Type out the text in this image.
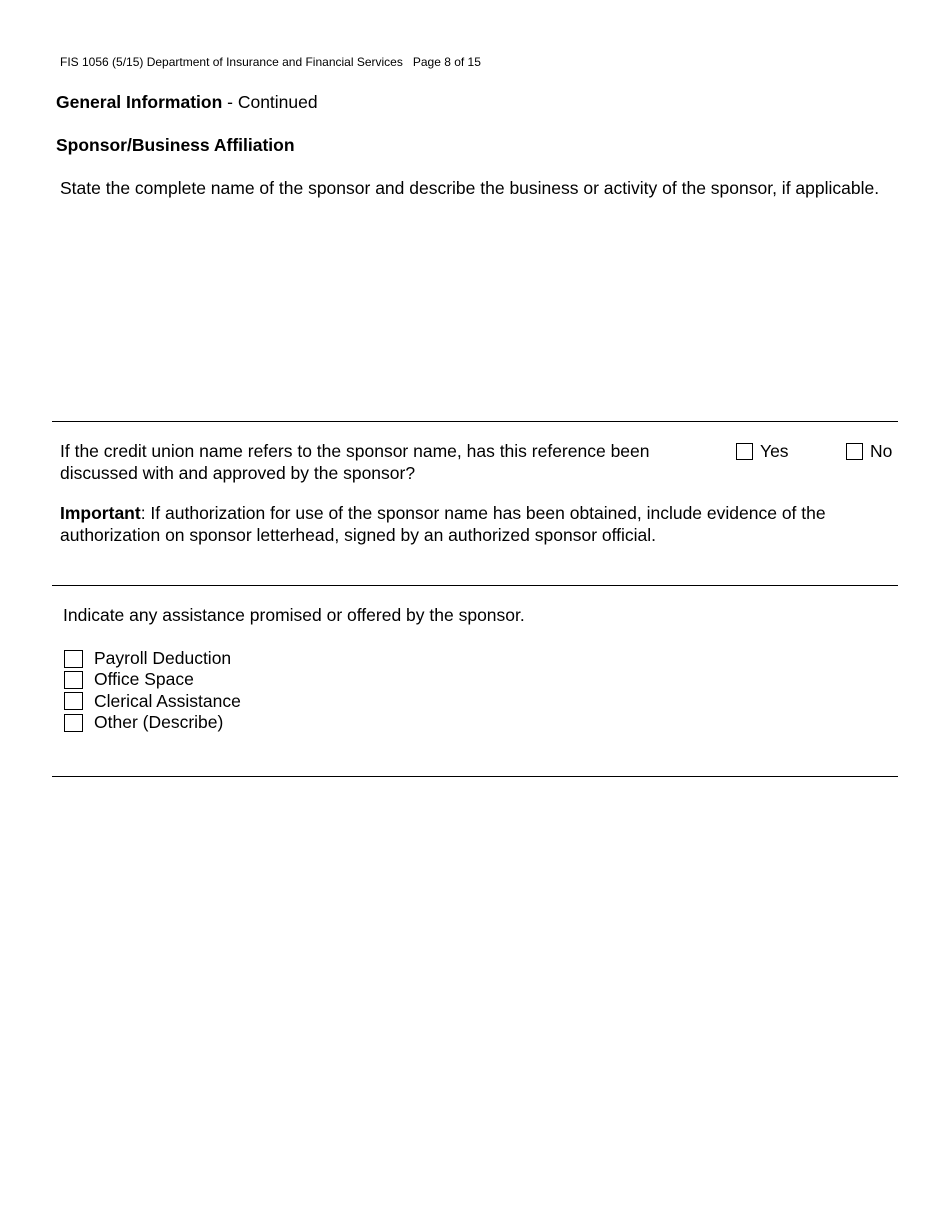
FIS 1056 (5/15) Department of Insurance and Financial Services   Page 8 of 15
General Information - Continued
Sponsor/Business Affiliation
State the complete name of the sponsor and describe the business or activity of the sponsor, if applicable.
If the credit union name refers to the sponsor name, has this reference been discussed with and approved by the sponsor?
Yes	No
Important: If authorization for use of the sponsor name has been obtained, include evidence of the authorization on sponsor letterhead, signed by an authorized sponsor official.
Indicate any assistance promised or offered by the sponsor.
Payroll Deduction
Office Space
Clerical Assistance
Other (Describe)
